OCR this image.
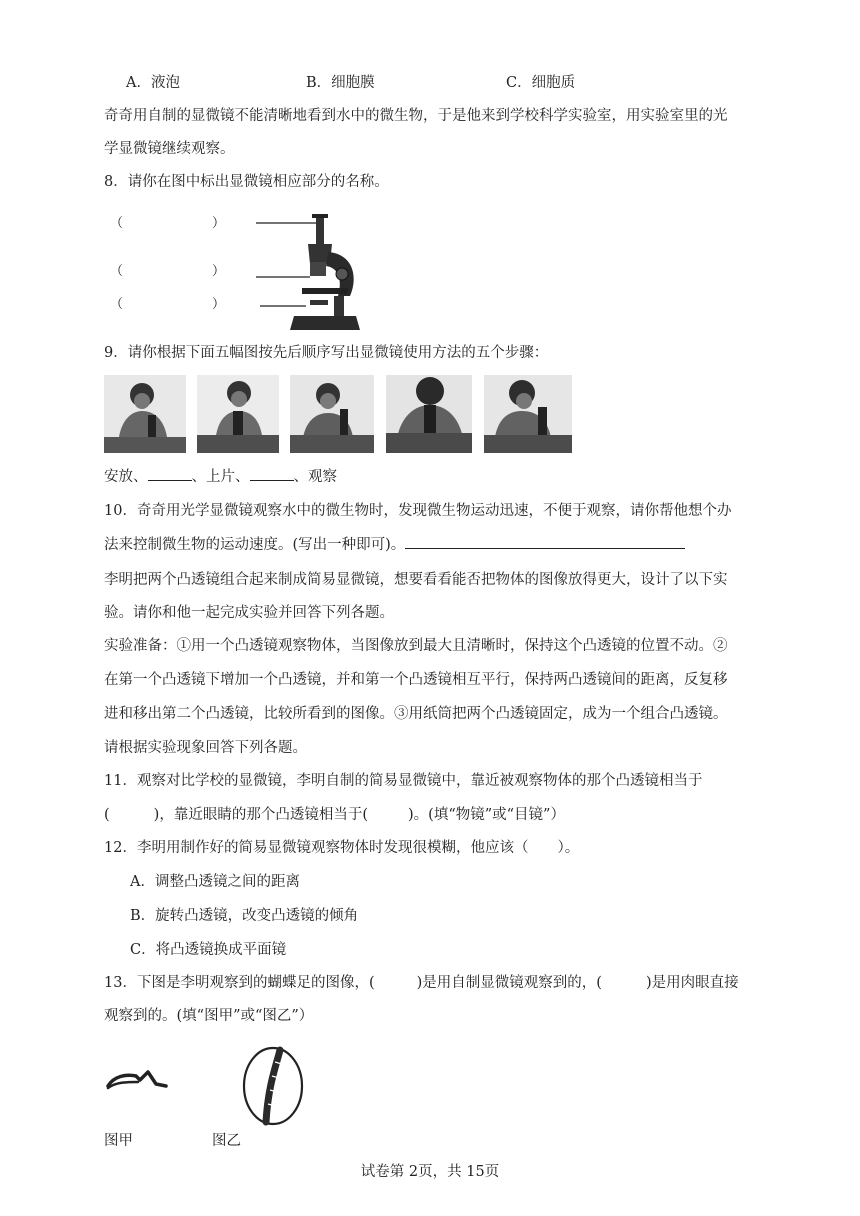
A．液泡	B．细胞膜	C．细胞质
奇奇用自制的显微镜不能清晰地看到水中的微生物，于是他来到学校科学实验室，用实验室里的光
学显微镜继续观察。
8．请你在图中标出显微镜相应部分的名称。
（	）
（	）
（	）
9．请你根据下面五幅图按先后顺序写出显微镜使用方法的五个步骤：
安放、	、上片、	、观察
10．奇奇用光学显微镜观察水中的微生物时，发现微生物运动迅速，不便于观察，请你帮他想个办
法来控制微生物的运动速度。(写出一种即可)。
李明把两个凸透镜组合起来制成简易显微镜，想要看看能否把物体的图像放得更大，设计了以下实
验。请你和他一起完成实验并回答下列各题。
实验准备：①用一个凸透镜观察物体，当图像放到最大且清晰时，保持这个凸透镜的位置不动。②
在第一个凸透镜下增加一个凸透镜，并和第一个凸透镜相互平行，保持两凸透镜间的距离，反复移
进和移出第二个凸透镜，比较所看到的图像。③用纸筒把两个凸透镜固定，成为一个组合凸透镜。
请根据实验现象回答下列各题。
11．观察对比学校的显微镜，李明自制的简易显微镜中，靠近被观察物体的那个凸透镜相当于
(	)，靠近眼睛的那个凸透镜相当于(	)。(填“物镜”或“目镜”）
12．李明用制作好的简易显微镜观察物体时发现很模糊，他应该（　　）。
A．调整凸透镜之间的距离
B．旋转凸透镜，改变凸透镜的倾角
C．将凸透镜换成平面镜
13．下图是李明观察到的蝴蝶足的图像，(	)是用自制显微镜观察到的，(	)是用肉眼直接
观察到的。(填“图甲”或“图乙”）
图甲	图乙
试卷第 2页，共 15页
